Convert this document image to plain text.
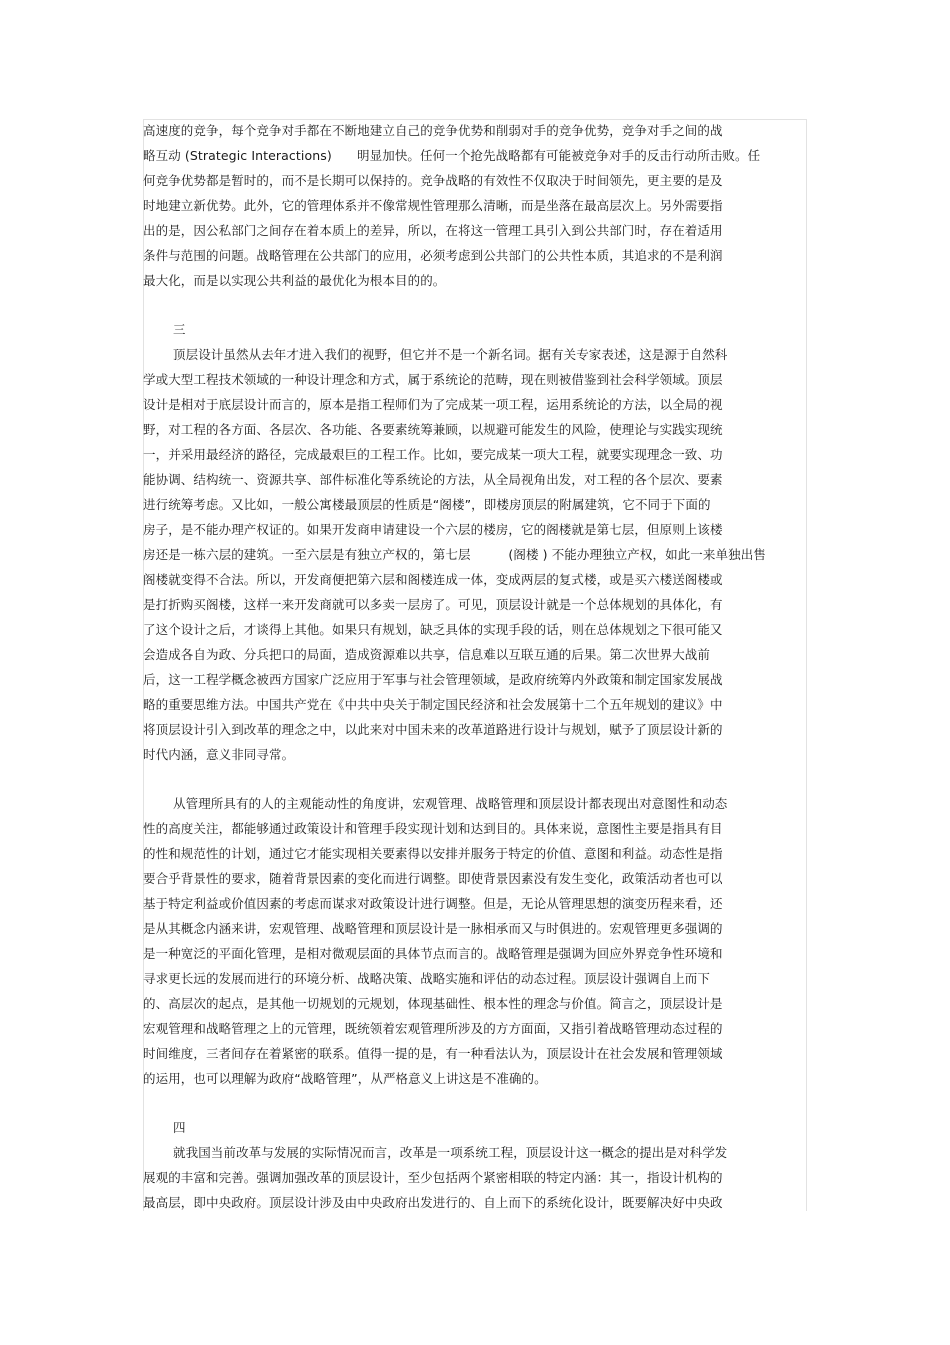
高速度的竞争，每个竞争对手都在不断地建立自己的竞争优势和削弱对手的竞争优势，竞争对手之间的战
略互动 (Strategic Interactions)　　明显加快。任何一个抢先战略都有可能被竞争对手的反击行动所击败。任
何竞争优势都是暂时的，而不是长期可以保持的。竞争战略的有效性不仅取决于时间领先，更主要的是及
时地建立新优势。此外，它的管理体系并不像常规性管理那么清晰，而是坐落在最高层次上。另外需要指
出的是，因公私部门之间存在着本质上的差异，所以，在将这一管理工具引入到公共部门时，存在着适用
条件与范围的问题。战略管理在公共部门的应用，必须考虑到公共部门的公共性本质，其追求的不是利润
最大化，而是以实现公共利益的最优化为根本目的的。
三
顶层设计虽然从去年才进入我们的视野，但它并不是一个新名词。据有关专家表述，这是源于自然科
学或大型工程技术领域的一种设计理念和方式，属于系统论的范畴，现在则被借鉴到社会科学领域。顶层
设计是相对于底层设计而言的，原本是指工程师们为了完成某一项工程，运用系统论的方法，以全局的视
野，对工程的各方面、各层次、各功能、各要素统筹兼顾，以规避可能发生的风险，使理论与实践实现统
一，并采用最经济的路径，完成最艰巨的工程工作。比如，要完成某一项大工程，就要实现理念一致、功
能协调、结构统一、资源共享、部件标准化等系统论的方法，从全局视角出发，对工程的各个层次、要素
进行统筹考虑。又比如，一般公寓楼最顶层的性质是“阁楼”，即楼房顶层的附属建筑，它不同于下面的
房子，是不能办理产权证的。如果开发商申请建设一个六层的楼房，它的阁楼就是第七层，但原则上该楼
房还是一栋六层的建筑。一至六层是有独立产权的，第七层　　　(阁楼 ) 不能办理独立产权，如此一来单独出售
阁楼就变得不合法。所以，开发商便把第六层和阁楼连成一体，变成两层的复式楼，或是买六楼送阁楼或
是打折购买阁楼，这样一来开发商就可以多卖一层房了。可见，顶层设计就是一个总体规划的具体化，有
了这个设计之后，才谈得上其他。如果只有规划，缺乏具体的实现手段的话，则在总体规划之下很可能又
会造成各自为政、分兵把口的局面，造成资源难以共享，信息难以互联互通的后果。第二次世界大战前
后，这一工程学概念被西方国家广泛应用于军事与社会管理领域，是政府统筹内外政策和制定国家发展战
略的重要思维方法。中国共产党在《中共中央关于制定国民经济和社会发展第十二个五年规划的建议》中
将顶层设计引入到改革的理念之中，以此来对中国未来的改革道路进行设计与规划，赋予了顶层设计新的
时代内涵，意义非同寻常。
从管理所具有的人的主观能动性的角度讲，宏观管理、战略管理和顶层设计都表现出对意图性和动态
性的高度关注，都能够通过政策设计和管理手段实现计划和达到目的。具体来说，意图性主要是指具有目
的性和规范性的计划，通过它才能实现相关要素得以安排并服务于特定的价值、意图和利益。动态性是指
要合乎背景性的要求，随着背景因素的变化而进行调整。即使背景因素没有发生变化，政策活动者也可以
基于特定利益或价值因素的考虑而谋求对政策设计进行调整。但是，无论从管理思想的演变历程来看，还
是从其概念内涵来讲，宏观管理、战略管理和顶层设计是一脉相承而又与时俱进的。宏观管理更多强调的
是一种宽泛的平面化管理，是相对微观层面的具体节点而言的。战略管理是强调为回应外界竞争性环境和
寻求更长远的发展而进行的环境分析、战略决策、战略实施和评估的动态过程。顶层设计强调自上而下
的、高层次的起点，是其他一切规划的元规划，体现基础性、根本性的理念与价值。简言之，顶层设计是
宏观管理和战略管理之上的元管理，既统领着宏观管理所涉及的方方面面，又指引着战略管理动态过程的
时间维度，三者间存在着紧密的联系。值得一提的是，有一种看法认为，顶层设计在社会发展和管理领域
的运用，也可以理解为政府“战略管理”，从严格意义上讲这是不准确的。
四
就我国当前改革与发展的实际情况而言，改革是一项系统工程，顶层设计这一概念的提出是对科学发
展观的丰富和完善。强调加强改革的顶层设计，至少包括两个紧密相联的特定内涵：其一，指设计机构的
最高层，即中央政府。顶层设计涉及由中央政府出发进行的、自上而下的系统化设计，既要解决好中央政
